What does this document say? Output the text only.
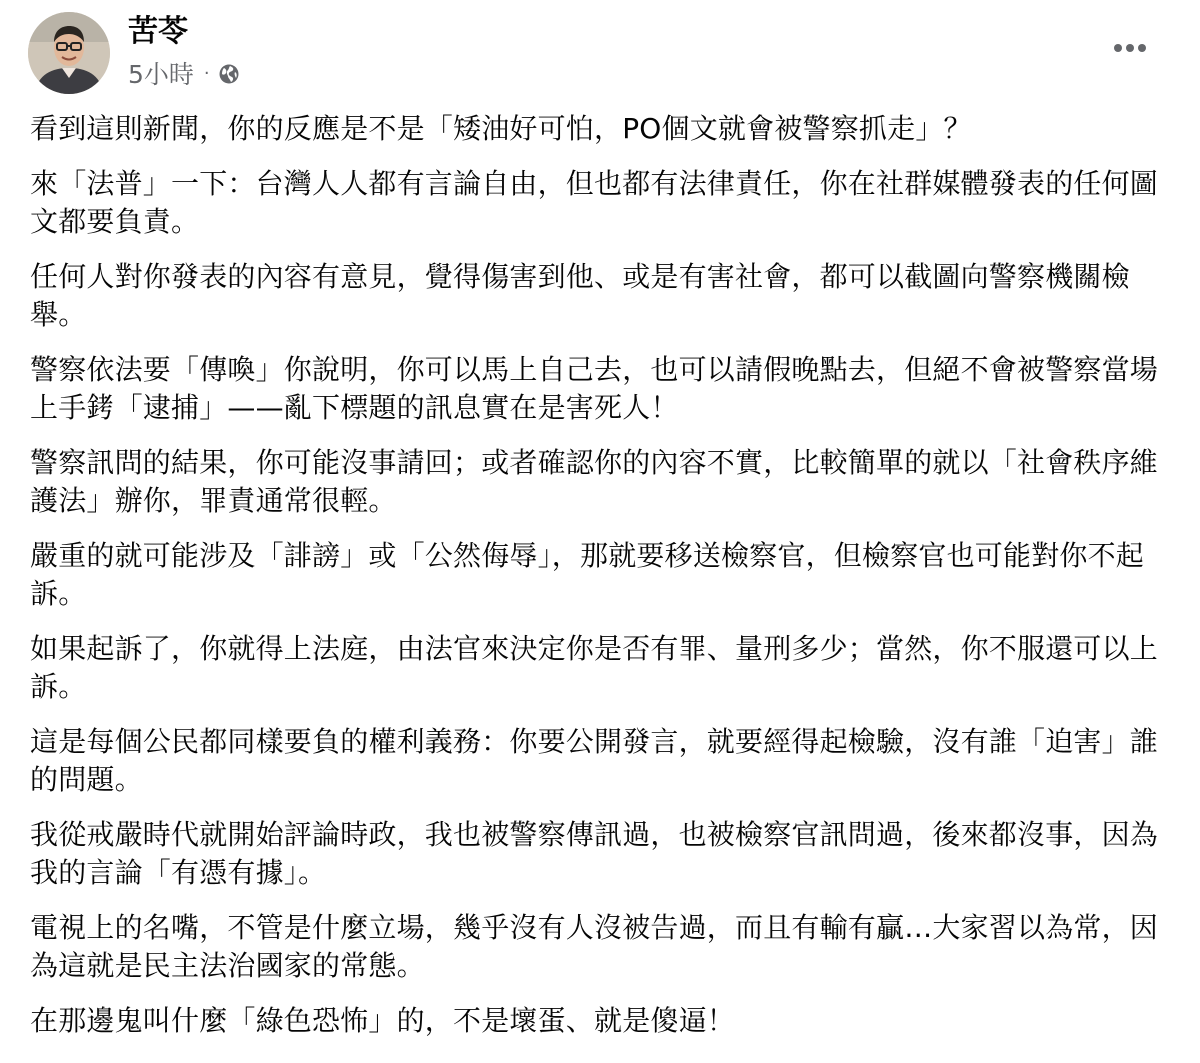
苦苓
5小時 ·

看到這則新聞，你的反應是不是「矮油好可怕，PO個文就會被警察抓走」？

來「法普」一下：台灣人人都有言論自由，但也都有法律責任，你在社群媒體發表的任何圖文都要負責。

任何人對你發表的內容有意見，覺得傷害到他、或是有害社會，都可以截圖向警察機關檢舉。

警察依法要「傳喚」你說明，你可以馬上自己去，也可以請假晚點去，但絕不會被警察當場上手銬「逮捕」——亂下標題的訊息實在是害死人！

警察訊問的結果，你可能沒事請回；或者確認你的內容不實，比較簡單的就以「社會秩序維護法」辦你，罪責通常很輕。

嚴重的就可能涉及「誹謗」或「公然侮辱」，那就要移送檢察官，但檢察官也可能對你不起訴。

如果起訴了，你就得上法庭，由法官來決定你是否有罪、量刑多少；當然，你不服還可以上訴。

這是每個公民都同樣要負的權利義務：你要公開發言，就要經得起檢驗，沒有誰「迫害」誰的問題。

我從戒嚴時代就開始評論時政，我也被警察傳訊過，也被檢察官訊問過，後來都沒事，因為我的言論「有憑有據」。

電視上的名嘴，不管是什麼立場，幾乎沒有人沒被告過，而且有輸有贏…大家習以為常，因為這就是民主法治國家的常態。

在那邊鬼叫什麼「綠色恐怖」的，不是壞蛋、就是傻逼！
